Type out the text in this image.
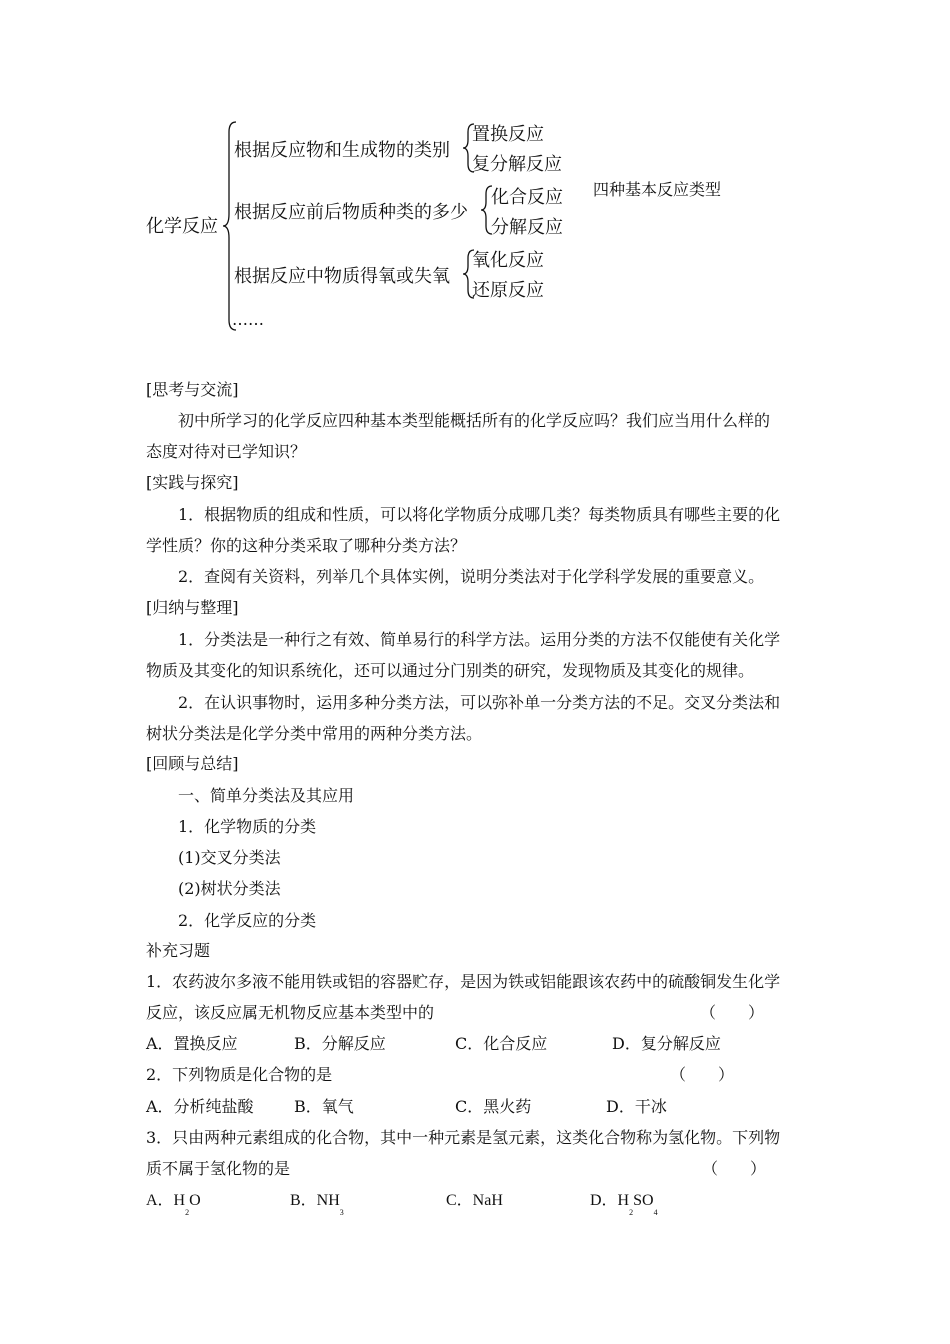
化学反应
根据反应物和生成物的类别
置换反应
复分解反应
根据反应前后物质种类的多少
化合反应
分解反应
根据反应中物质得氧或失氧
氧化反应
还原反应
……
四种基本反应类型
[思考与交流]
初中所学习的化学反应四种基本类型能概括所有的化学反应吗？我们应当用什么样的
态度对待对已学知识？
[实践与探究]
1．根据物质的组成和性质，可以将化学物质分成哪几类？每类物质具有哪些主要的化
学性质？你的这种分类采取了哪种分类方法？
2．查阅有关资料，列举几个具体实例，说明分类法对于化学科学发展的重要意义。
[归纳与整理]
1．分类法是一种行之有效、简单易行的科学方法。运用分类的方法不仅能使有关化学
物质及其变化的知识系统化，还可以通过分门别类的研究，发现物质及其变化的规律。
2．在认识事物时，运用多种分类方法，可以弥补单一分类方法的不足。交叉分类法和
树状分类法是化学分类中常用的两种分类方法。
[回顾与总结]
一、简单分类法及其应用
1．化学物质的分类
(1)交叉分类法
(2)树状分类法
2．化学反应的分类
补充习题
1．农药波尔多液不能用铁或铝的容器贮存，是因为铁或铝能跟该农药中的硫酸铜发生化学
反应，该反应属无机物反应基本类型中的	（　　）
A．置换反应	B．分解反应	C．化合反应	D．复分解反应
2．下列物质是化合物的是	（　　）
A．分析纯盐酸	B．氧气	C．黑火药	D．干冰
3．只由两种元素组成的化合物，其中一种元素是氢元素，这类化合物称为氢化物。下列物
质不属于氢化物的是	（　　）
A．$H_2O$	B．$NH_3$
C．NaH	D．$H_2SO_4$
